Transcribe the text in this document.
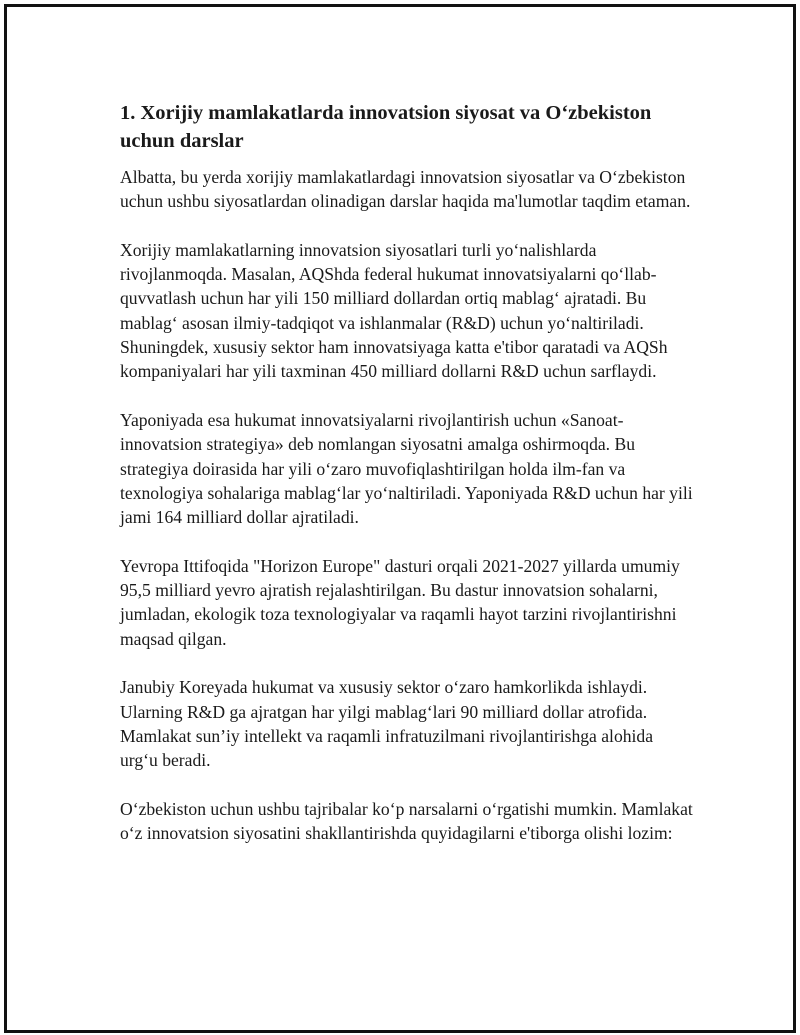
1. Xorijiy mamlakatlarda innovatsion siyosat va O‘zbekiston uchun darslar

Albatta, bu yerda xorijiy mamlakatlardagi innovatsion siyosatlar va O‘zbekiston uchun ushbu siyosatlardan olinadigan darslar haqida ma'lumotlar taqdim etaman.

Xorijiy mamlakatlarning innovatsion siyosatlari turli yo‘nalishlarda rivojlanmoqda. Masalan, AQShda federal hukumat innovatsiyalarni qo‘llab-quvvatlash uchun har yili 150 milliard dollardan ortiq mablag‘ ajratadi. Bu mablag‘ asosan ilmiy-tadqiqot va ishlanmalar (R&D) uchun yo‘naltiriladi. Shuningdek, xususiy sektor ham innovatsiyaga katta e'tibor qaratadi va AQSh kompaniyalari har yili taxminan 450 milliard dollarni R&D uchun sarflaydi.

Yaponiyada esa hukumat innovatsiyalarni rivojlantirish uchun «Sanoat-innovatsion strategiya» deb nomlangan siyosatni amalga oshirmoqda. Bu strategiya doirasida har yili o‘zaro muvofiqlashtirilgan holda ilm-fan va texnologiya sohalariga mablag‘lar yo‘naltiriladi. Yaponiyada R&D uchun har yili jami 164 milliard dollar ajratiladi.

Yevropa Ittifoqida "Horizon Europe" dasturi orqali 2021-2027 yillarda umumiy 95,5 milliard yevro ajratish rejalashtirilgan. Bu dastur innovatsion sohalarni, jumladan, ekologik toza texnologiyalar va raqamli hayot tarzini rivojlantirishni maqsad qilgan.

Janubiy Koreyada hukumat va xususiy sektor o‘zaro hamkorlikda ishlaydi. Ularning R&D ga ajratgan har yilgi mablag‘lari 90 milliard dollar atrofida. Mamlakat sun’iy intellekt va raqamli infratuzilmani rivojlantirishga alohida urg‘u beradi.

O‘zbekiston uchun ushbu tajribalar ko‘p narsalarni o‘rgatishi mumkin. Mamlakat o‘z innovatsion siyosatini shakllantirishda quyidagilarni e'tiborga olishi lozim:
